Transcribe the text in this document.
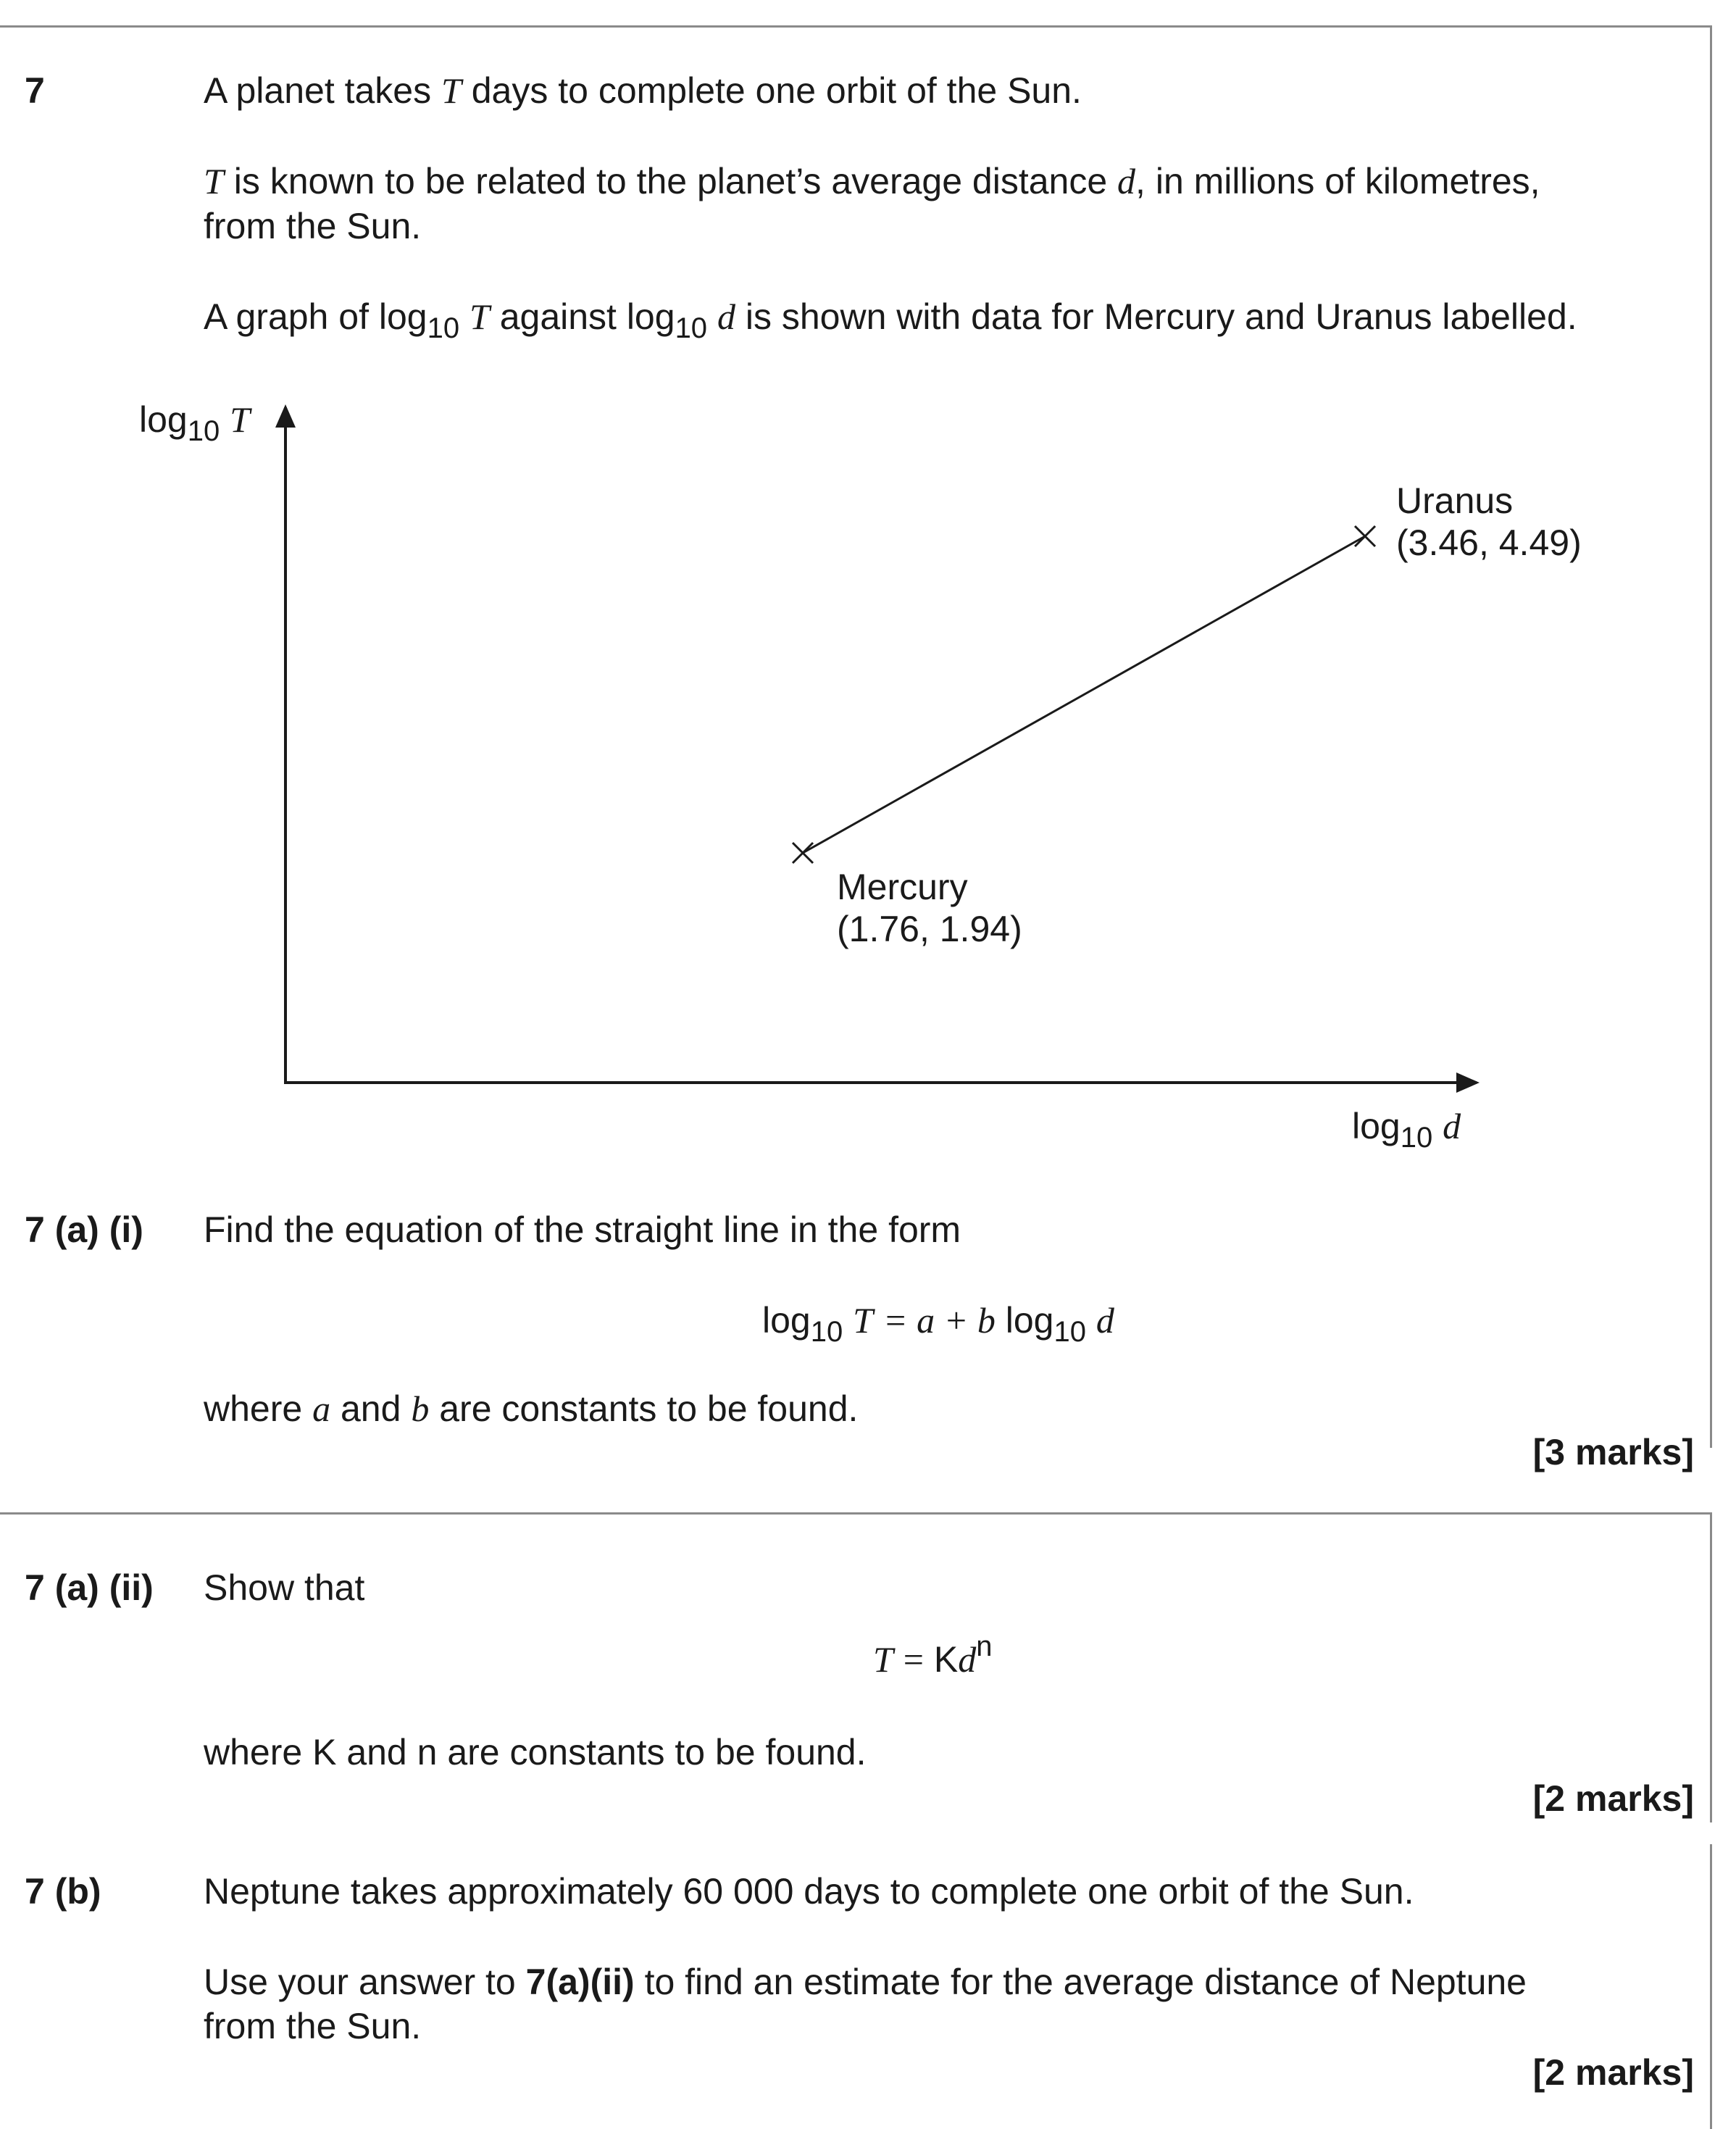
7	A planet takes T days to complete one orbit of the Sun.
T is known to be related to the planet’s average distance d, in millions of kilometres,
from the Sun.
A graph of $\log_{10} T$ against $\log_{10} d$ is shown with data for Mercury and Uranus labelled.
$\log_{10} T$
$\log_{10} d$
Uranus
(3.46, 4.49)
Mercury
(1.76, 1.94)
7 (a) (i) Find the equation of the straight line in the form
$\log_{10} T = a + b$ $\log_{10} d$
where a and b are constants to be found.
[3 marks]
7 (a) (ii) Show that
$T = Kd^n$
where K and n are constants to be found.
[2 marks]
7 (b)	Neptune takes approximately 60 000 days to complete one orbit of the Sun.
Use your answer to 7(a)(ii) to find an estimate for the average distance of Neptune
from the Sun.
[2 marks]
